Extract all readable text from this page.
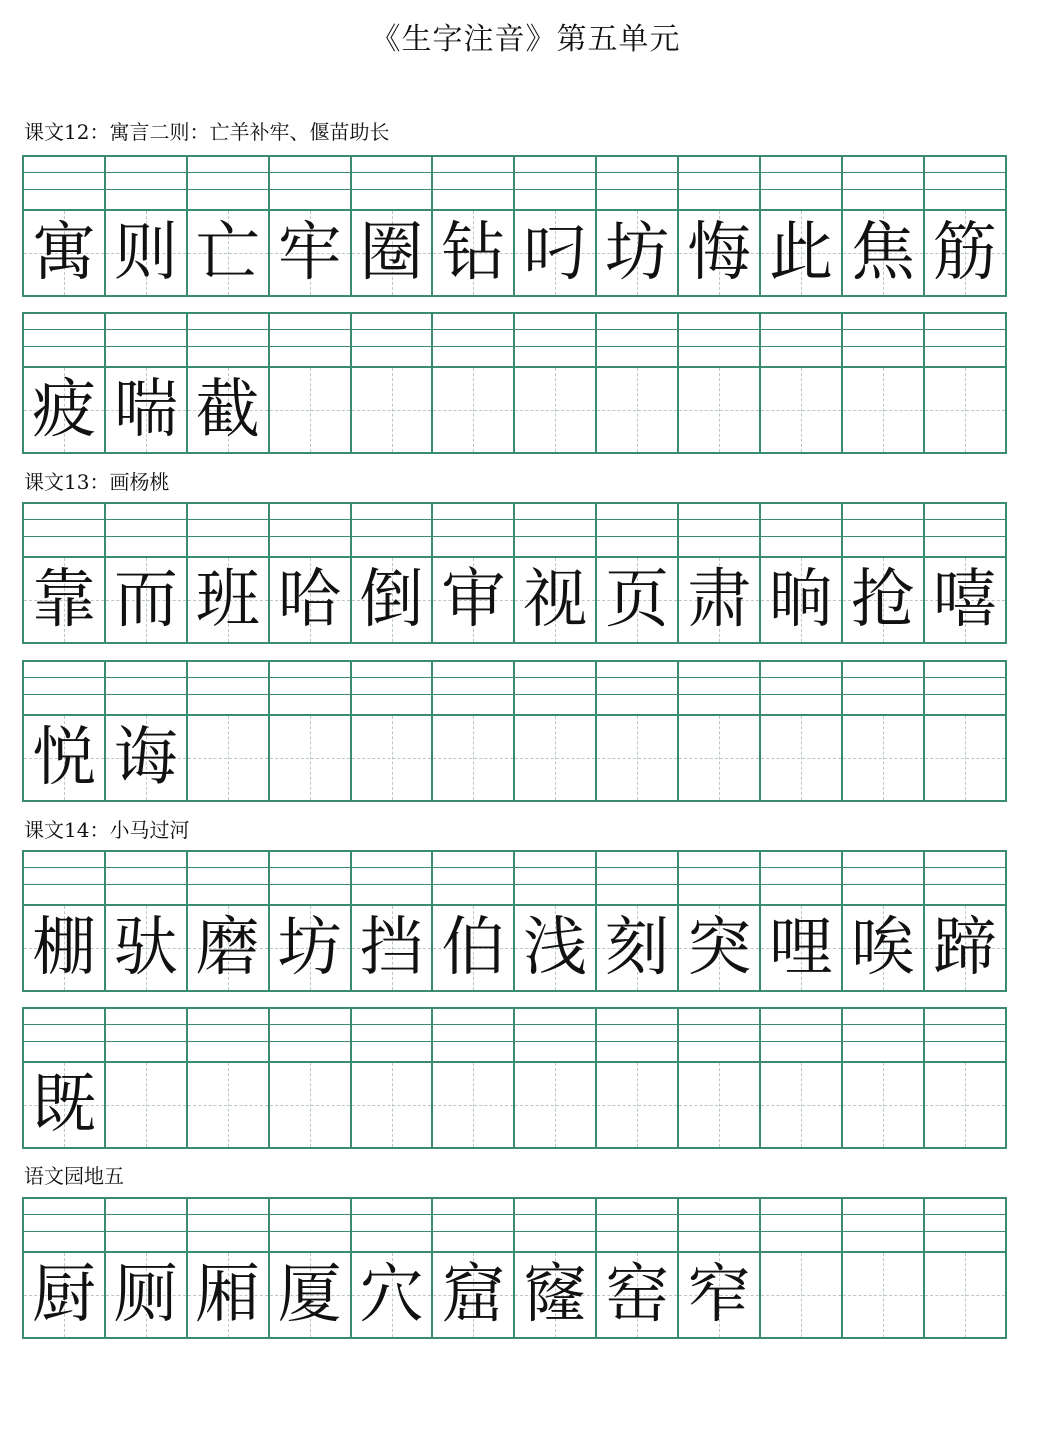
《生字注音》第五单元
课文12：寓言二则：亡羊补牢、偃苗助长
寓 则 亡 牢 圈 钻 叼 坊 悔 此 焦 筋
疲 喘 截
课文13：画杨桃
靠 而 班 哈 倒 审 视 页 肃 晌 抢 嘻
悦 诲
课文14：小马过河
棚 驮 磨 坊 挡 伯 浅 刻 突 哩 唉 蹄
既
语文园地五
厨 厕 厢 厦 穴 窟 窿 窑 窄
